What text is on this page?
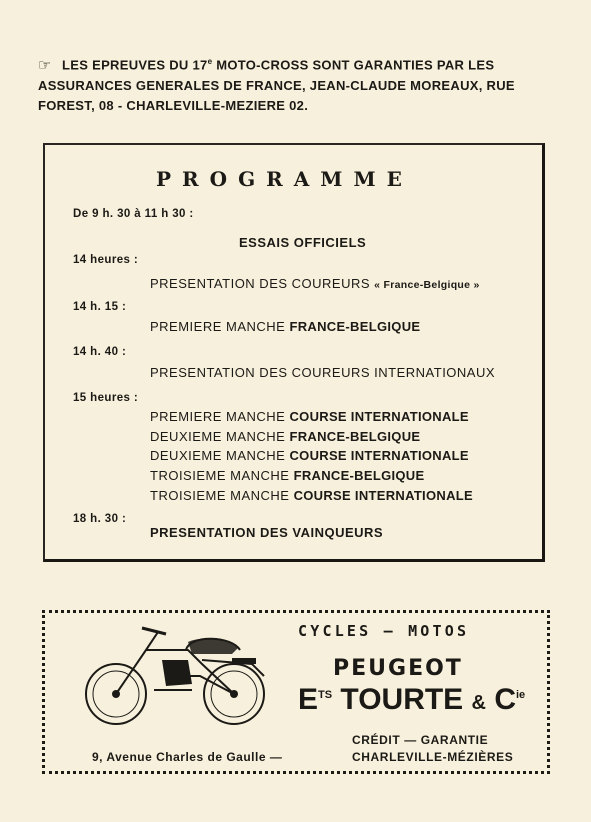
☞ LES EPREUVES DU 17e MOTO-CROSS SONT GARANTIES PAR LES ASSURANCES GENERALES DE FRANCE, JEAN-CLAUDE MOREAUX, RUE FOREST, 08 - CHARLEVILLE-MEZIERE 02.
PROGRAMME
De 9 h. 30 à 11 h 30 :
ESSAIS OFFICIELS
14 heures :
PRESENTATION DES COUREURS « France-Belgique »
14 h. 15 :
PREMIERE MANCHE FRANCE-BELGIQUE
14 h. 40 :
PRESENTATION DES COUREURS INTERNATIONAUX
15 heures :
PREMIERE MANCHE COURSE INTERNATIONALE
DEUXIEME MANCHE FRANCE-BELGIQUE
DEUXIEME MANCHE COURSE INTERNATIONALE
TROISIEME MANCHE FRANCE-BELGIQUE
TROISIEME MANCHE COURSE INTERNATIONALE
18 h. 30 :
PRESENTATION DES VAINQUEURS
CYCLES – MOTOS
PEUGEOT
$E^{TS}$ TOURTE & $C^{ie}$
CRÉDIT — GARANTIE
9, Avenue Charles de Gaulle —	CHARLEVILLE-MÉZIÈRES
